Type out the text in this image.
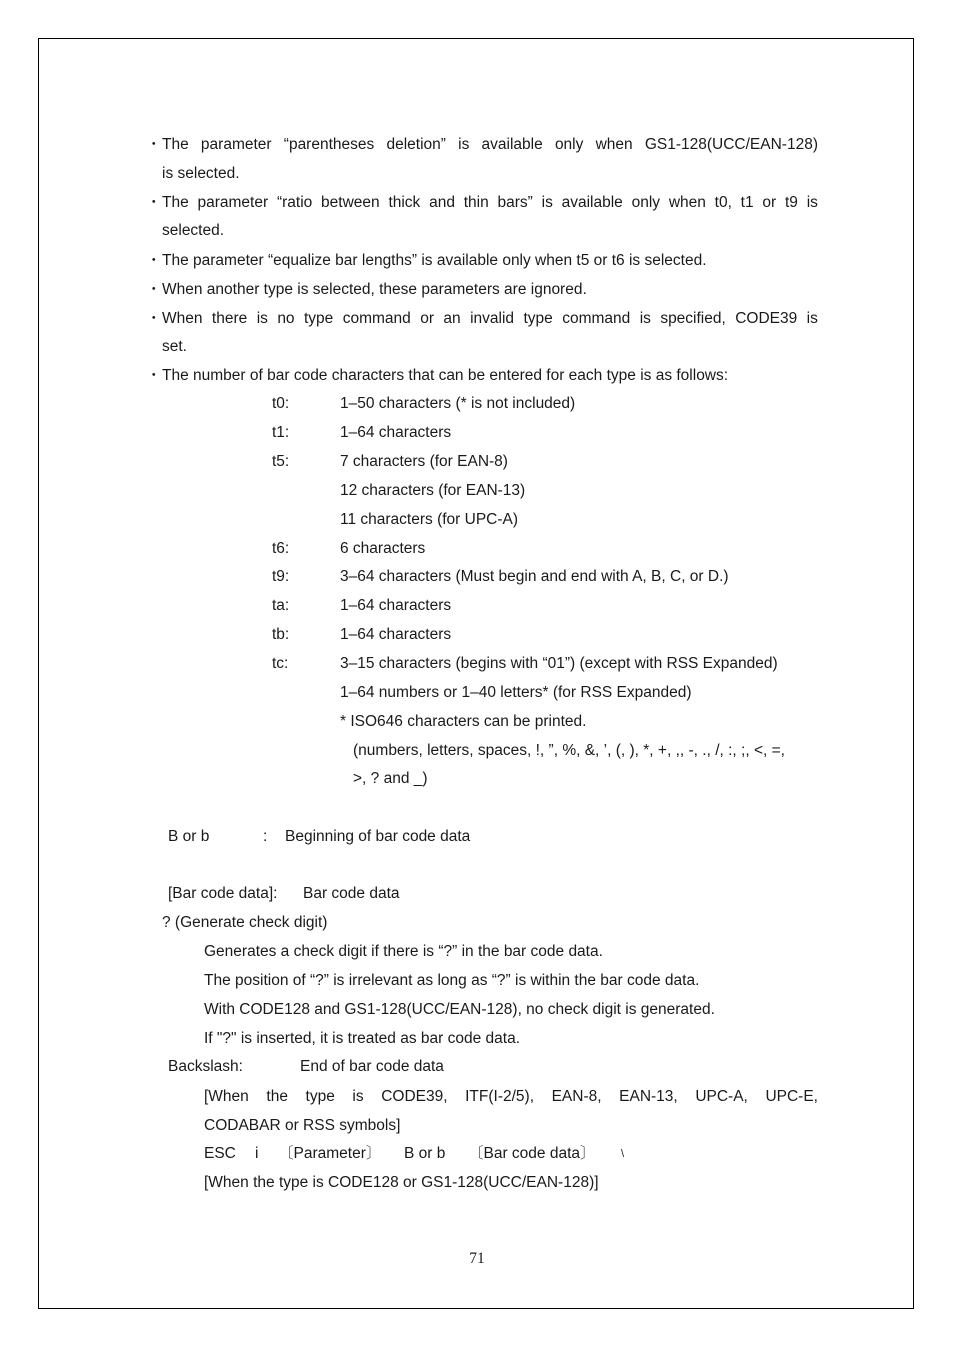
・ The parameter “parentheses deletion” is available only when GS1-128(UCC/EAN-128)
is selected.
・ The parameter “ratio between thick and thin bars” is available only when t0, t1 or t9 is
selected.
・ The parameter “equalize bar lengths” is available only when t5 or t6 is selected.
・ When another type is selected, these parameters are ignored.
・ When there is no type command or an invalid type command is specified, CODE39 is
set.
・ The number of bar code characters that can be entered for each type is as follows:
t0:	1–50 characters (* is not included)
t1:	1–64 characters
t5:	7 characters (for EAN-8)
12 characters (for EAN-13)
11 characters (for UPC-A)
t6:	6 characters
t9:	3–64 characters (Must begin and end with A, B, C, or D.)
ta:	1–64 characters
tb:	1–64 characters
tc:	3–15 characters (begins with “01”) (except with RSS Expanded)
1–64 numbers or 1–40 letters* (for RSS Expanded)
* ISO646 characters can be printed.
(numbers, letters, spaces, !, ”, %, &, ’, (, ), *, +, ,, -, ., /, :, ;, <, =,
>, ? and _)
B or b	: Beginning of bar code data
[Bar code data]: Bar code data
? (Generate check digit)
Generates a check digit if there is “?” in the bar code data.
The position of “?” is irrelevant as long as “?” is within the bar code data.
With CODE128 and GS1-128(UCC/EAN-128), no check digit is generated.
If "?" is inserted, it is treated as bar code data.
Backslash:	End of bar code data
[When the type is CODE39, ITF(I-2/5), EAN-8, EAN-13, UPC-A, UPC-E,
CODABAR or RSS symbols]
ESC i 〔Parameter〕 B or b 〔Bar code data〕 \
[When the type is CODE128 or GS1-128(UCC/EAN-128)]
71
